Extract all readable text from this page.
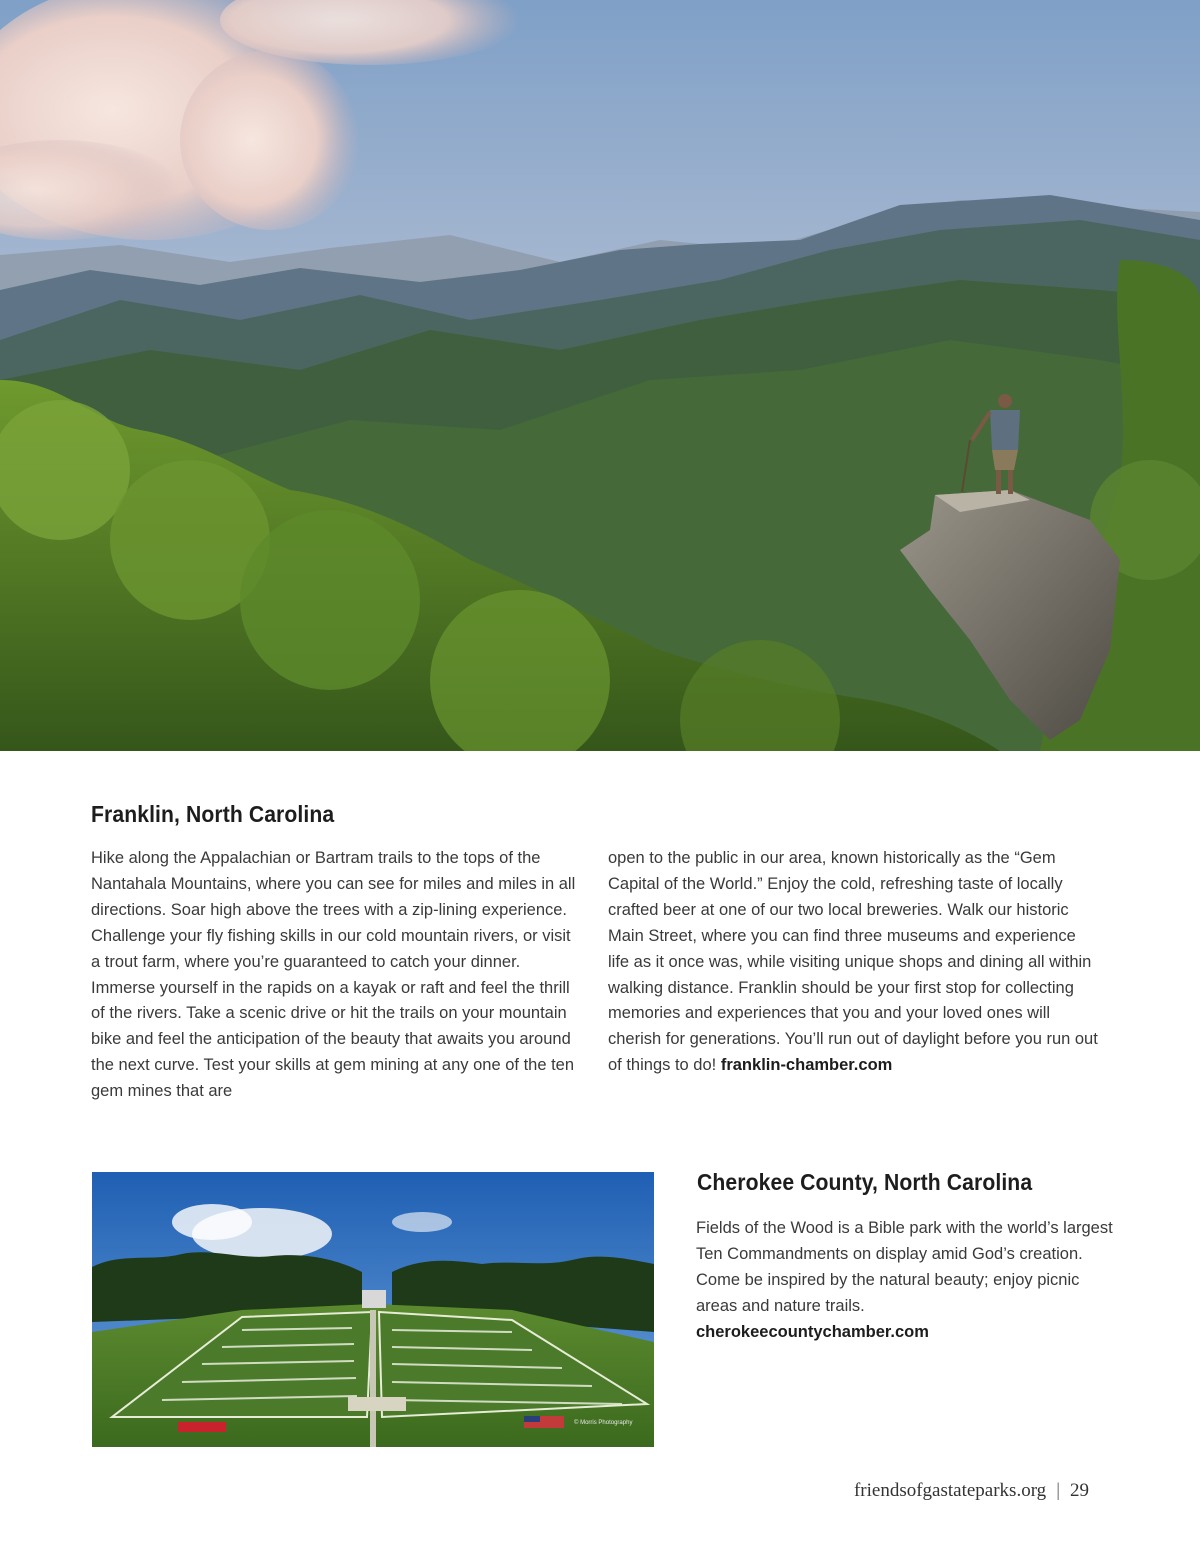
Franklin, North Carolina

Hike along the Appalachian or Bartram trails to the tops of the Nantahala Mountains, where you can see for miles and miles in all directions. Soar high above the trees with a zip-lining experience. Challenge your fly fishing skills in our cold mountain rivers, or visit a trout farm, where you’re guaranteed to catch your dinner. Immerse yourself in the rapids on a kayak or raft and feel the thrill of the rivers. Take a scenic drive or hit the trails on your mountain bike and feel the anticipation of the beauty that awaits you around the next curve. Test your skills at gem mining at any one of the ten gem mines that are

open to the public in our area, known historically as the “Gem Capital of the World.” Enjoy the cold, refreshing taste of locally crafted beer at one of our two local breweries. Walk our historic Main Street, where you can find three museums and experience life as it once was, while visiting unique shops and dining all within walking distance. Franklin should be your first stop for collecting memories and experiences that you and your loved ones will cherish for generations. You’ll run out of daylight before you run out of things to do! franklin-chamber.com

© Morris Photography
Cherokee County, North Carolina

Fields of the Wood is a Bible park with the world’s largest Ten Commandments on display amid God’s creation. Come be inspired by the natural beauty; enjoy picnic areas and nature trails.
cherokeecountychamber.com

friendsofgastateparks.org | 29
